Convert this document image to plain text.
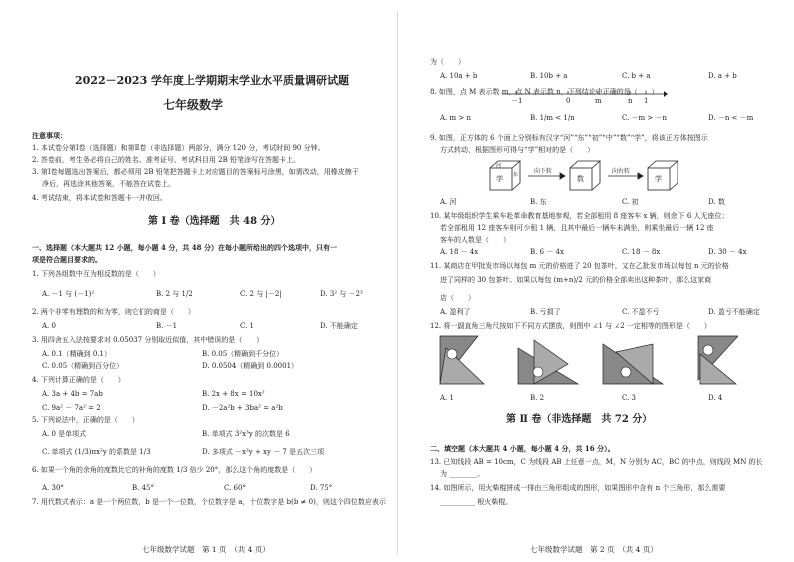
2022－2023 学年度上学期期末学业水平质量调研试题
七年级数学
注意事项：
1. 本试卷分第Ⅰ卷（选择题）和第Ⅱ卷（非选择题）两部分，满分 120 分，考试时间 90 分钟。
2. 答卷前，考生务必将自己的姓名、准考证号、考试科目用 2B 铅笔涂写在答题卡上。
3. 第Ⅰ卷每题选出答案后，都必须用 2B 铅笔把答题卡上对应题目的答案标号涂黑，如需改动，用橡皮擦干
净后，再选涂其他答案，不能答在试卷上。
4. 考试结束，将本试卷和答题卡一并收回。
第 Ⅰ 卷（选择题　共 48 分）
一、选择题（本大题共 12 小题，每小题 4 分，共 48 分）在每小题所给出的四个选项中，只有一
项是符合题目要求的。
1. 下列各组数中互为相反数的是（　　）
A. －1 与 (－1)²	B. 2 与 1/2	C. 2 与 |－2|	D. 3² 与 －2³
2. 两个非零有理数的和为零，则它们的商是（　　）
A. 0	B. －1	C. 1	D. 不能确定
3. 用四舍五入法按要求对 0.05037 分别取近似值，其中错误的是（　　）
A. 0.1（精确到 0.1）	B. 0.05（精确到千分位）
C. 0.05（精确到百分位）	D. 0.0504（精确到 0.0001）
4. 下列计算正确的是（　　）
A. 3a + 4b = 7ab	B. 2x + 8x = 10x²
C. 9a² － 7a² = 2	D. －2a²b + 3ba² = a²b
5. 下列说法中，正确的是（　　）
A. 0 是单项式	B. 单项式 3²x³y 的次数是 6
C. 单项式 (1/3)πx²y 的系数是 1/3	D. 多项式 －x²y + xy － 7 是五次三项
6. 如果一个角的余角的度数比它的补角的度数 1/3 倍少 20°，那么这个角的度数是（　　）
A. 30°	B. 45°	C. 60°	D. 75°
7. 用代数式表示：a 是一个两位数，b 是一个一位数，个位数字是 a，十位数字是 b(b ≠ 0)，则这个四位数应表示
七年级数学试题　第 1 页　（共 4 页）
为（　　）
A. 10a + b	B. 10b + a	C. b + a	D. a + b
8. 如图，点 M 表示数 m，点 N 表示数 n，下列结论中正确的是（　　）
－1	0	m	n 1
A. m > n	B. 1/m < 1/n	C. －m > －n	D. －n < －m
9. 如图，正方体的 6 个面上分别标有汉字“河”“东”“初”“中”“数”“学”，将该正方体按图示
方式转动，根据图形可得与“学”相对的是（　　）
河
学 东	向下转
数
向右转
学
A. 河	B. 东	C. 初	D. 数
10. 某年级组织学生乘车赴革命教育基地参观，若全部租用 8 座客车 x 辆，则余下 6 人无座位；
若全部租用 12 座客车则可少租 1 辆，且其中最后一辆车未满坐，则乘坐最后一辆 12 座
客车的人数是（　　）
A. 18 － 4x	B. 6 － 4x	C. 18 － 8x	D. 30 － 4x
11. 某商店在甲批发市场以每包 m 元的价格进了 20 包茶叶，又在乙批发市场以每包 n 元的价格
进了同样的 30 包茶叶。如果以每包 (m+n)/2 元的价格全部卖出这种茶叶，那么这家商
店（　　）
A. 盈利了	B. 亏损了	C. 不盈不亏	D. 盈亏不能确定
12. 将一副直角三角尺按如下不同方式摆放，则图中 ∠1 与 ∠2 一定相等的图形是（　　）
A. 1	B. 2	C. 3	D. 4
第 Ⅱ 卷（非选择题　共 72 分）
二、填空题（本大题共 4 小题，每小题 4 分，共 16 分）。
13. 已知线段 AB = 10cm，C 为线段 AB 上任意一点，M，N 分别为 AC，BC 的中点，则线段 MN 的长
为 ________。
14. 如图所示，用火柴棍拼成一排由三角形组成的图形，如果图形中含有 n 个三角形，那么需要
__________ 根火柴棍。
七年级数学试题　第 2 页　（共 4 页）
